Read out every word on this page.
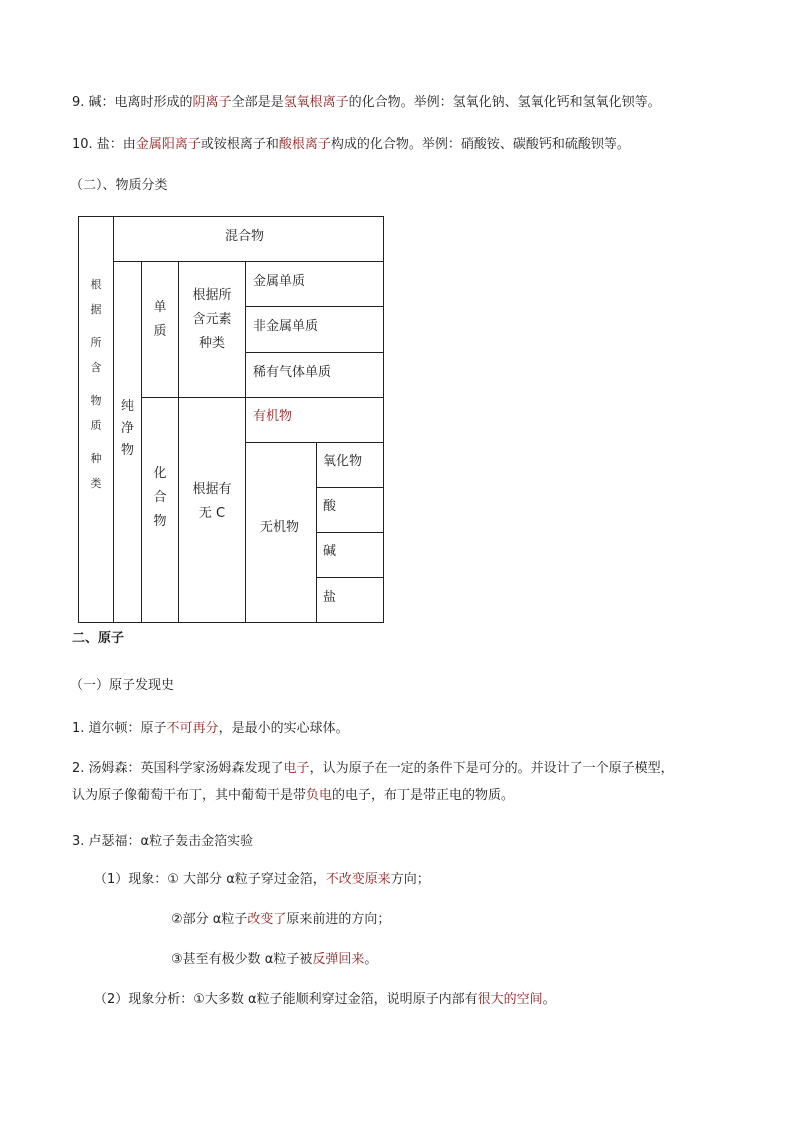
9. 碱：电离时形成的阴离子全部是是氢氧根离子的化合物。举例：氢氧化钠、氢氧化钙和氢氧化钡等。
10. 盐：由金属阳离子或铵根离子和酸根离子构成的化合物。举例：硝酸铵、碳酸钙和硫酸钡等。
（二）、物质分类
根
据
所
含
物
质
种
类
混合物
纯
净
物
单
质
根据所
含元素
种类
金属单质
非金属单质
稀有气体单质
化
合
物
根据有
无 C
有机物
无机物
氧化物
酸
碱
盐
二、原子
（一）原子发现史
1. 道尔顿：原子不可再分，是最小的实心球体。
2. 汤姆森：英国科学家汤姆森发现了电子，认为原子在一定的条件下是可分的。并设计了一个原子模型，
认为原子像葡萄干布丁，其中葡萄干是带负电的电子，布丁是带正电的物质。
3. 卢瑟福：α粒子轰击金箔实验
（1）现象：① 大部分 α粒子穿过金箔，不改变原来方向；
②部分 α粒子改变了原来前进的方向；
③甚至有极少数 α粒子被反弹回来。
（2）现象分析：①大多数 α粒子能顺利穿过金箔，说明原子内部有很大的空间。
